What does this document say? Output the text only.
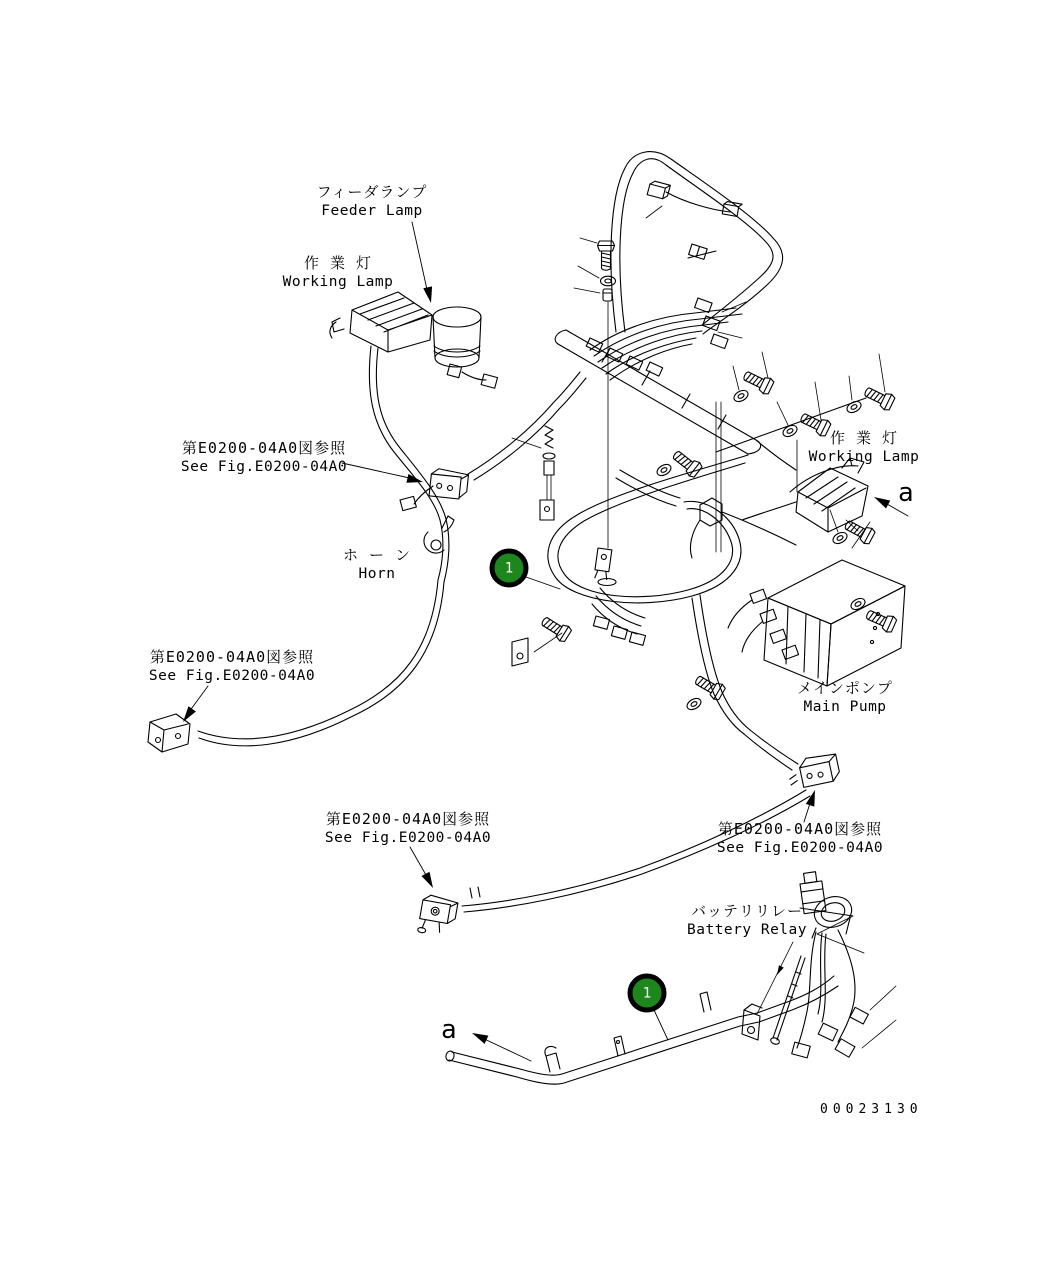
フィーダランプ
Feeder Lamp
作 業 灯
Working Lamp
第E0200-04A0図参照
See Fig.E0200-04A0
ホ ー ン
Horn
第E0200-04A0図参照
See Fig.E0200-04A0
第E0200-04A0図参照
See Fig.E0200-04A0	第E0200-04A0図参照
See Fig.E0200-04A0
作 業 灯
Working Lamp
メインポンプ
Main Pump
バッテリリレー
Battery Relay
a
a
1
1
00023130
